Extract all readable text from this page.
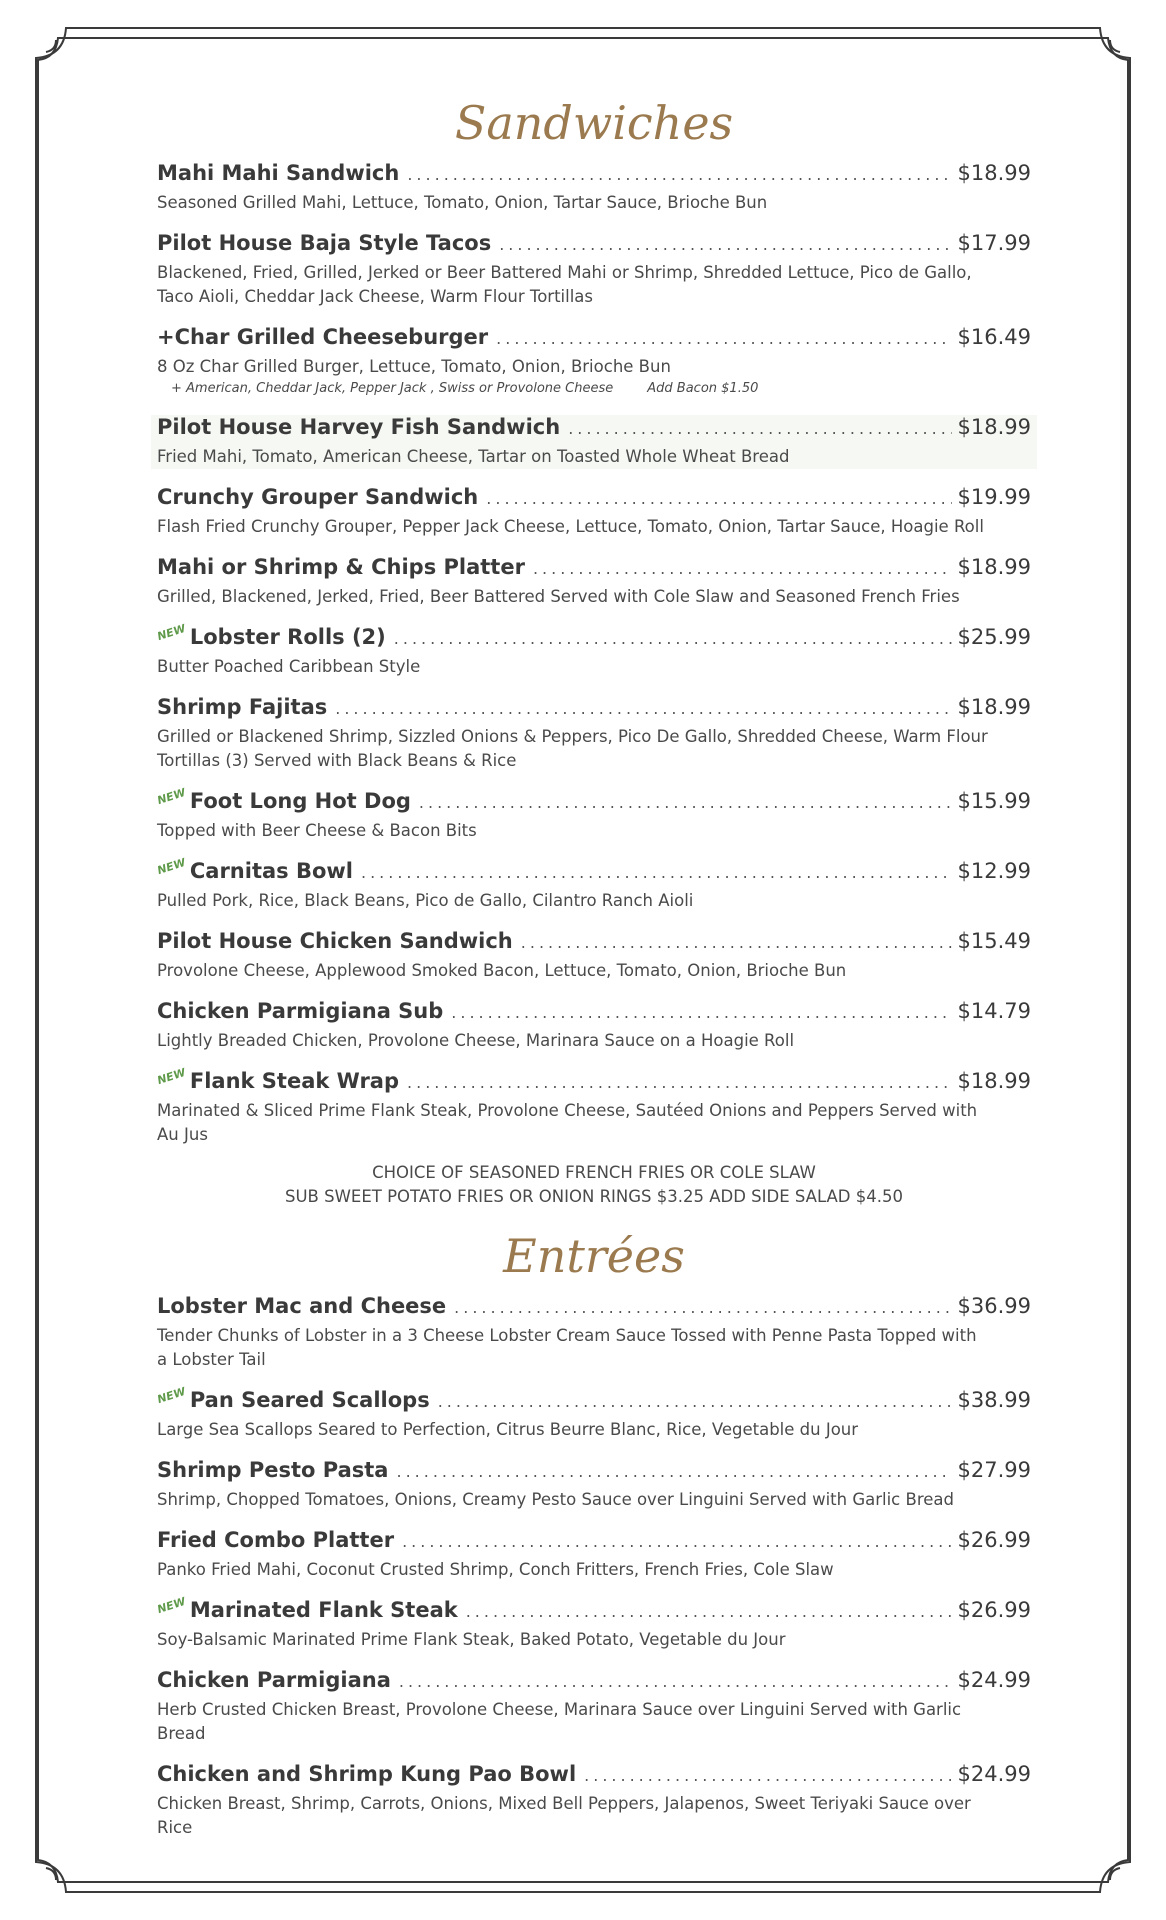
Sandwiches
Mahi Mahi Sandwich .....	$18.99
Seasoned Grilled Mahi, Lettuce, Tomato, Onion, Tartar Sauce, Brioche Bun
Pilot House Baja Style Tacos .....	$17.99
Blackened, Fried, Grilled, Jerked or Beer Battered Mahi or Shrimp, Shredded Lettuce, Pico de Gallo, Taco Aioli, Cheddar Jack Cheese, Warm Flour Tortillas
+Char Grilled Cheeseburger .....	$16.49
8 Oz Char Grilled Burger, Lettuce, Tomato, Onion, Brioche Bun
+ American, Cheddar Jack, Pepper Jack , Swiss or Provolone Cheese	Add Bacon $1.50
Pilot House Harvey Fish Sandwich .....	$18.99
Fried Mahi, Tomato, American Cheese, Tartar on Toasted Whole Wheat Bread
Crunchy Grouper Sandwich .....	$19.99
Flash Fried Crunchy Grouper, Pepper Jack Cheese, Lettuce, Tomato, Onion, Tartar Sauce, Hoagie Roll
Mahi or Shrimp & Chips Platter .....	$18.99
Grilled, Blackened, Jerked, Fried, Beer Battered Served with Cole Slaw and Seasoned French Fries
NEW Lobster Rolls (2) .....	$25.99
Butter Poached Caribbean Style
Shrimp Fajitas .....	$18.99
Grilled or Blackened Shrimp, Sizzled Onions & Peppers, Pico De Gallo, Shredded Cheese, Warm Flour Tortillas (3) Served with Black Beans & Rice
NEW Foot Long Hot Dog .....	$15.99
Topped with Beer Cheese & Bacon Bits
NEW Carnitas Bowl .....	$12.99
Pulled Pork, Rice, Black Beans, Pico de Gallo, Cilantro Ranch Aioli
Pilot House Chicken Sandwich .....	$15.49
Provolone Cheese, Applewood Smoked Bacon, Lettuce, Tomato, Onion, Brioche Bun
Chicken Parmigiana Sub .....	$14.79
Lightly Breaded Chicken, Provolone Cheese, Marinara Sauce on a Hoagie Roll
NEW Flank Steak Wrap .....	$18.99
Marinated & Sliced Prime Flank Steak, Provolone Cheese, Sautéed Onions and Peppers Served with Au Jus
CHOICE OF SEASONED FRENCH FRIES OR COLE SLAW
SUB SWEET POTATO FRIES OR ONION RINGS $3.25 ADD SIDE SALAD $4.50
Entrées
Lobster Mac and Cheese .....	$36.99
Tender Chunks of Lobster in a 3 Cheese Lobster Cream Sauce Tossed with Penne Pasta Topped with a Lobster Tail
NEW Pan Seared Scallops .....	$38.99
Large Sea Scallops Seared to Perfection, Citrus Beurre Blanc, Rice, Vegetable du Jour
Shrimp Pesto Pasta .....	$27.99
Shrimp, Chopped Tomatoes, Onions, Creamy Pesto Sauce over Linguini Served with Garlic Bread
Fried Combo Platter .....	$26.99
Panko Fried Mahi, Coconut Crusted Shrimp, Conch Fritters, French Fries, Cole Slaw
NEW Marinated Flank Steak .....	$26.99
Soy-Balsamic Marinated Prime Flank Steak, Baked Potato, Vegetable du Jour
Chicken Parmigiana .....	$24.99
Herb Crusted Chicken Breast, Provolone Cheese, Marinara Sauce over Linguini Served with Garlic Bread
Chicken and Shrimp Kung Pao Bowl .....	$24.99
Chicken Breast, Shrimp, Carrots, Onions, Mixed Bell Peppers, Jalapenos, Sweet Teriyaki Sauce over Rice
